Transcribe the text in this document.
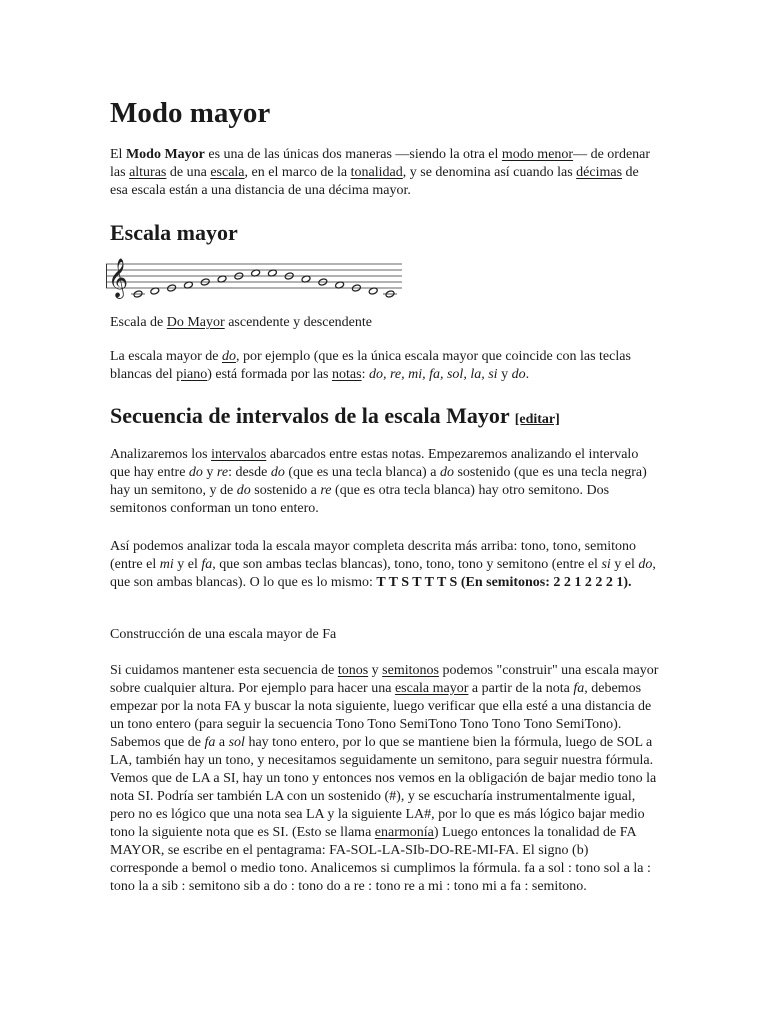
Modo mayor

El Modo Mayor es una de las únicas dos maneras —siendo la otra el modo menor— de ordenar las alturas de una escala, en el marco de la tonalidad, y se denomina así cuando las décimas de esa escala están a una distancia de una décima mayor.

Escala mayor
𝄞

Escala de Do Mayor ascendente y descendente

La escala mayor de do, por ejemplo (que es la única escala mayor que coincide con las teclas blancas del piano) está formada por las notas: do, re, mi, fa, sol, la, si y do.

Secuencia de intervalos de la escala Mayor [editar]

Analizaremos los intervalos abarcados entre estas notas. Empezaremos analizando el intervalo que hay entre do y re: desde do (que es una tecla blanca) a do sostenido (que es una tecla negra) hay un semitono, y de do sostenido a re (que es otra tecla blanca) hay otro semitono. Dos semitonos conforman un tono entero.

Así podemos analizar toda la escala mayor completa descrita más arriba: tono, tono, semitono (entre el mi y el fa, que son ambas teclas blancas), tono, tono, tono y semitono (entre el si y el do, que son ambas blancas). O lo que es lo mismo: T T S T T T S (En semitonos: 2 2 1 2 2 2 1).

Construcción de una escala mayor de Fa

Si cuidamos mantener esta secuencia de tonos y semitonos podemos "construir" una escala mayor sobre cualquier altura. Por ejemplo para hacer una escala mayor a partir de la nota fa, debemos empezar por la nota FA y buscar la nota siguiente, luego verificar que ella esté a una distancia de un tono entero (para seguir la secuencia Tono Tono SemiTono Tono Tono Tono SemiTono). Sabemos que de fa a sol hay tono entero, por lo que se mantiene bien la fórmula, luego de SOL a LA, también hay un tono, y necesitamos seguidamente un semitono, para seguir nuestra fórmula. Vemos que de LA a SI, hay un tono y entonces nos vemos en la obligación de bajar medio tono la nota SI. Podría ser también LA con un sostenido (#), y se escucharía instrumentalmente igual, pero no es lógico que una nota sea LA y la siguiente LA#, por lo que es más lógico bajar medio tono la siguiente nota que es SI. (Esto se llama enarmonía) Luego entonces la tonalidad de FA MAYOR, se escribe en el pentagrama: FA-SOL-LA-SIb-DO-RE-MI-FA. El signo (b) corresponde a bemol o medio tono. Analicemos si cumplimos la fórmula. fa a sol : tono sol a la : tono la a sib : semitono sib a do : tono do a re : tono re a mi : tono mi a fa : semitono.
